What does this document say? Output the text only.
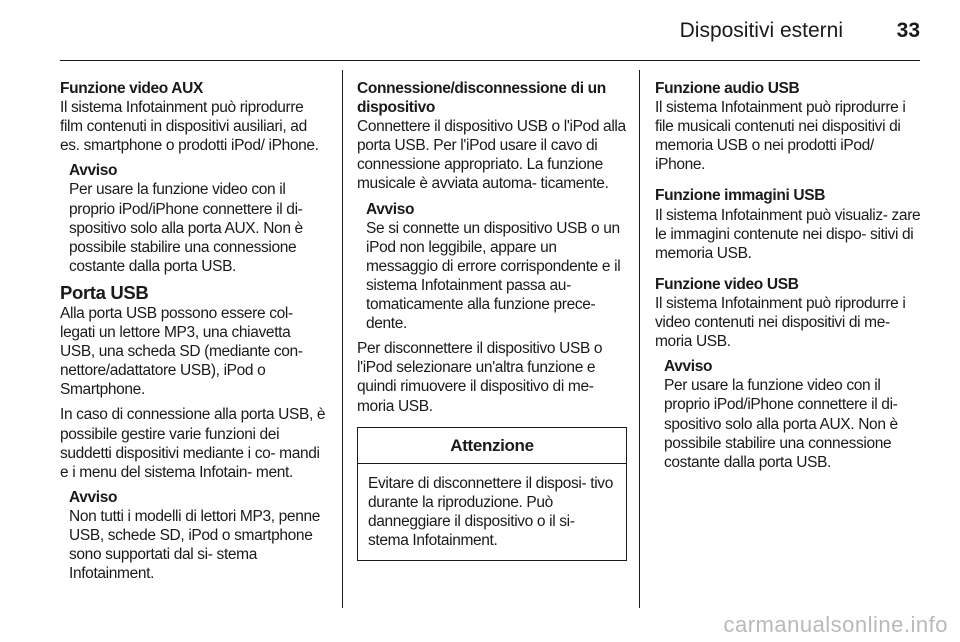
Dispositivi esterni	33
Funzione video AUX
Il sistema Infotainment può riprodurre film contenuti in dispositivi ausiliari, ad es. smartphone o prodotti iPod/ iPhone.
Avviso
Per usare la funzione video con il proprio iPod/iPhone connettere il di- spositivo solo alla porta AUX. Non è possibile stabilire una connessione costante dalla porta USB.
Porta USB
Alla porta USB possono essere col- legati un lettore MP3, una chiavetta USB, una scheda SD (mediante con- nettore/adattatore USB), iPod o Smartphone.
In caso di connessione alla porta USB, è possibile gestire varie funzioni dei suddetti dispositivi mediante i co- mandi e i menu del sistema Infotain- ment.
Avviso
Non tutti i modelli di lettori MP3, penne USB, schede SD, iPod o smartphone sono supportati dal si- stema Infotainment.
Connessione/disconnessione di un dispositivo
Connettere il dispositivo USB o l'iPod alla porta USB. Per l'iPod usare il cavo di connessione appropriato. La funzione musicale è avviata automa- ticamente.
Avviso
Se si connette un dispositivo USB o un iPod non leggibile, appare un messaggio di errore corrispondente e il sistema Infotainment passa au- tomaticamente alla funzione prece- dente.
Per disconnettere il dispositivo USB o l'iPod selezionare un'altra funzione e quindi rimuovere il dispositivo di me- moria USB.
Attenzione
Evitare di disconnettere il disposi- tivo durante la riproduzione. Può danneggiare il dispositivo o il si- stema Infotainment.
Funzione audio USB
Il sistema Infotainment può riprodurre i file musicali contenuti nei dispositivi di memoria USB o nei prodotti iPod/ iPhone.
Funzione immagini USB
Il sistema Infotainment può visualiz- zare le immagini contenute nei dispo- sitivi di memoria USB.
Funzione video USB
Il sistema Infotainment può riprodurre i video contenuti nei dispositivi di me- moria USB.
Avviso
Per usare la funzione video con il proprio iPod/iPhone connettere il di- spositivo solo alla porta AUX. Non è possibile stabilire una connessione costante dalla porta USB.
carmanualsonline.info
